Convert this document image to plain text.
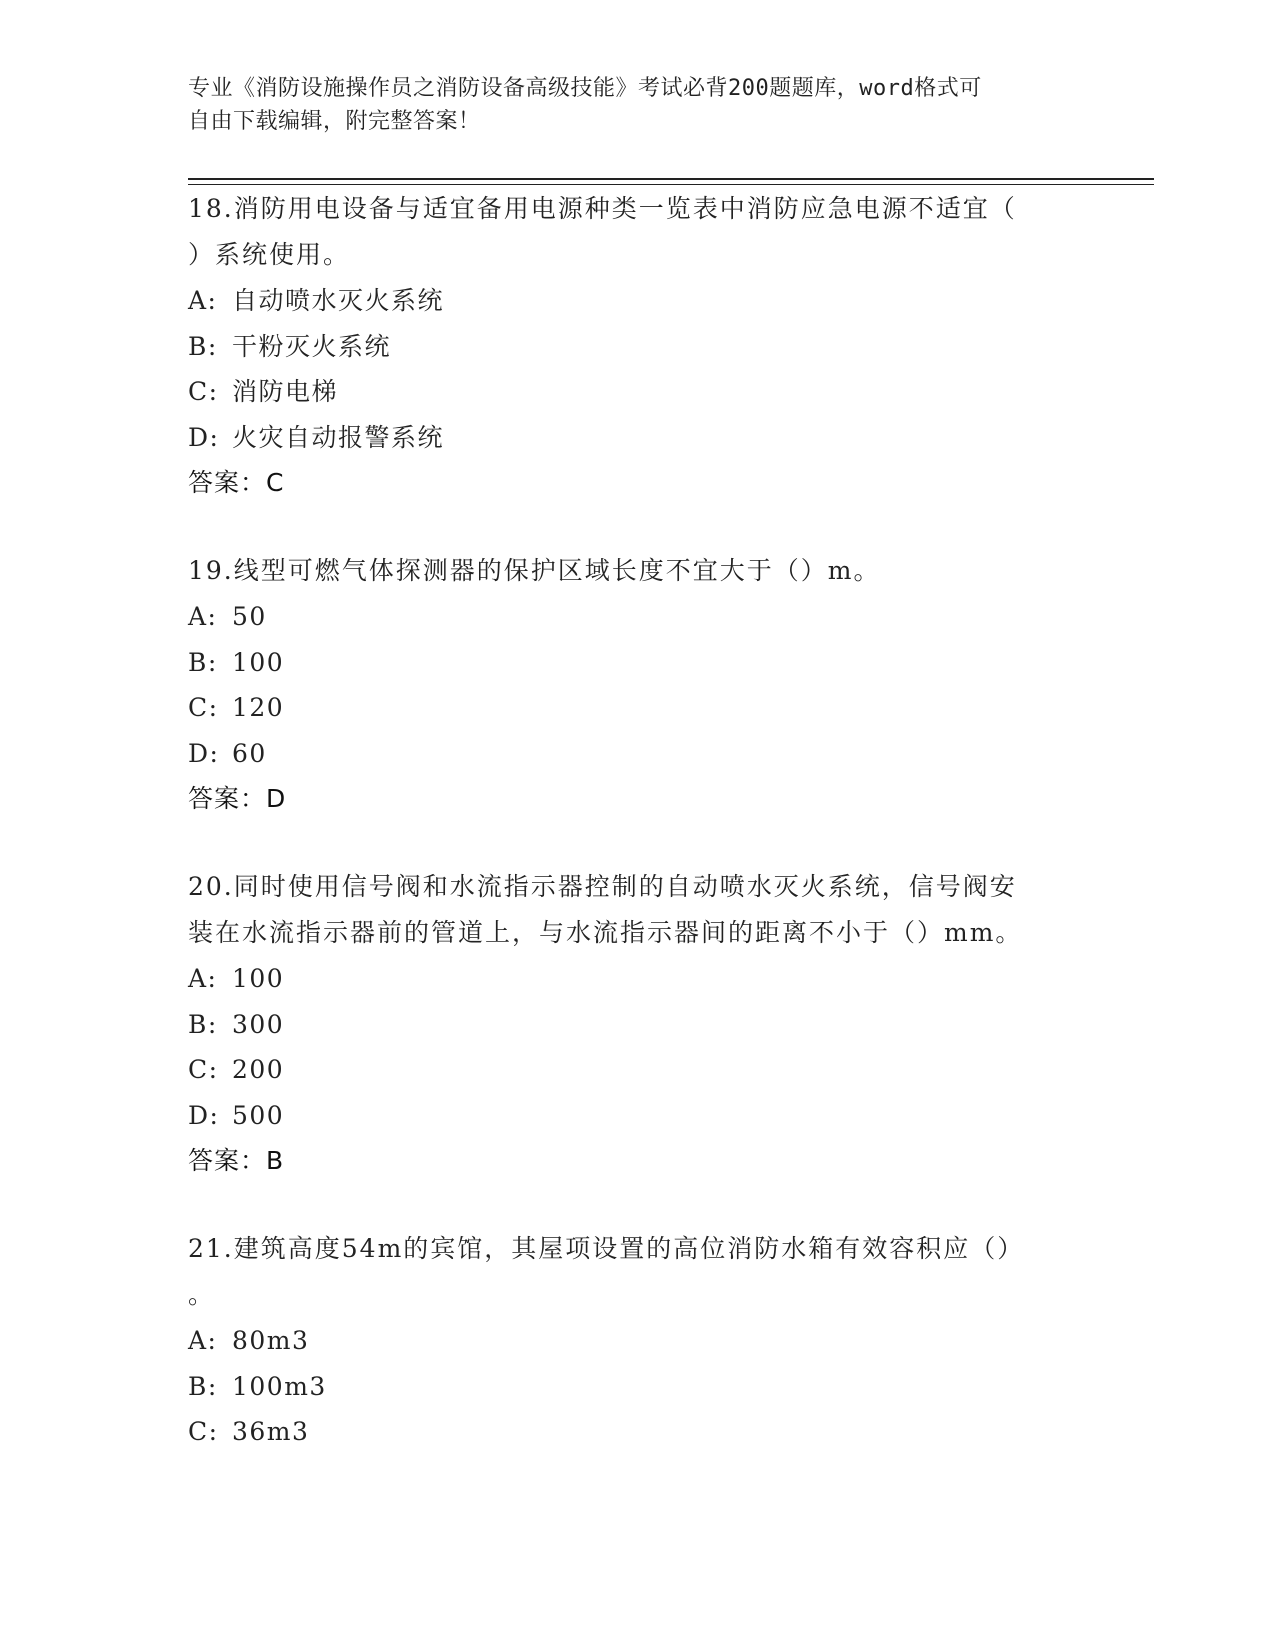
专业《消防设施操作员之消防设备高级技能》考试必背200题题库，word格式可
自由下载编辑，附完整答案！
18.消防用电设备与适宜备用电源种类一览表中消防应急电源不适宜（
）系统使用。
A: 自动喷水灭火系统
B: 干粉灭火系统
C: 消防电梯
D: 火灾自动报警系统
答案：C
19.线型可燃气体探测器的保护区域长度不宜大于（）m。
A: 50
B: 100
C: 120
D: 60
答案：D
20.同时使用信号阀和水流指示器控制的自动喷水灭火系统，信号阀安
装在水流指示器前的管道上，与水流指示器间的距离不小于（）mm。
A: 100
B: 300
C: 200
D: 500
答案：B
21.建筑高度54m的宾馆，其屋项设置的高位消防水箱有效容积应（）
。
A: 80m3
B: 100m3
C: 36m3
